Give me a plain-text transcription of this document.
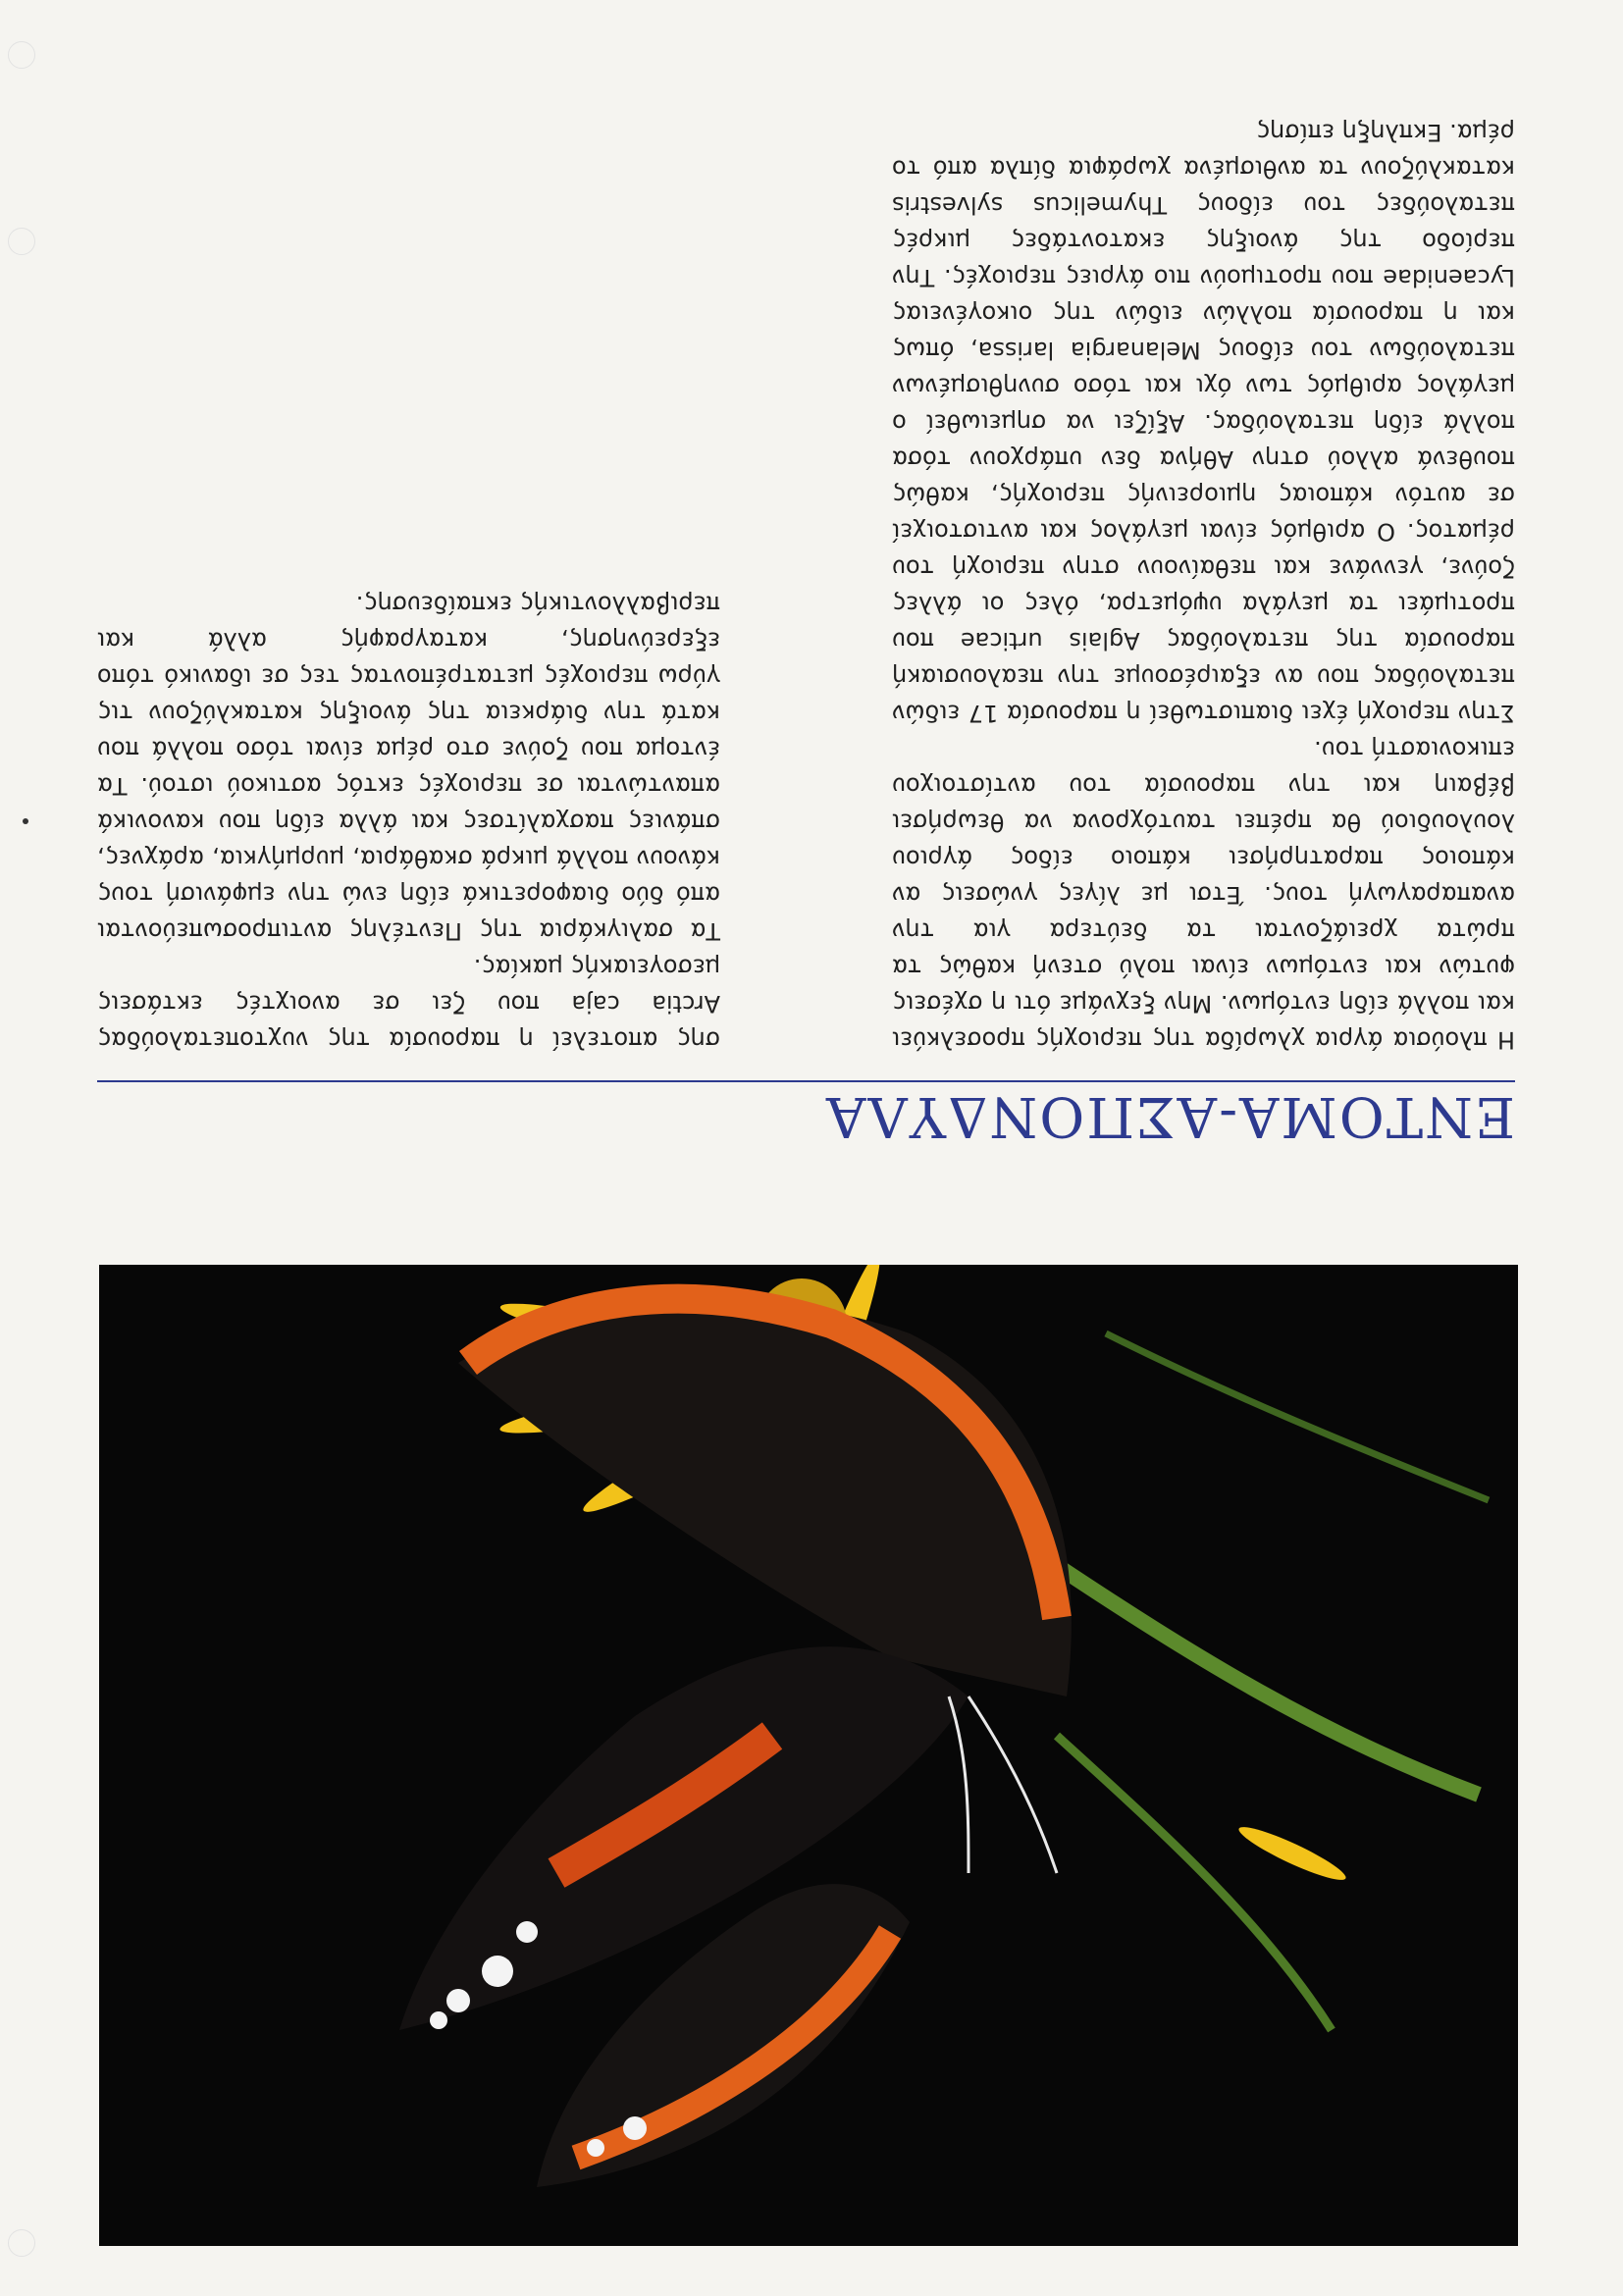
ΕΝΤΟΜΑ-ΑΣΠΟΝΔΥΛΑ

Η πλούσια άγρια χλωρίδα της περιοχής προσελκύει και πολλά είδη εντόμων. Μην ξεχνάμε ότι η σχέσεις φυτών και εντόμων είναι πολύ στενή καθώς τα πρώτα χρειάζονται τα δεύτερα για την αναπαραγωγή τους. Έτσι με λίγες γνώσεις αν κάποιος παρατηρήσει κάποιο είδος άγριου λουλουδιού θα πρέπει ταυτόχρονα να θεωρήσει βέβαιη και την παρουσία του αντίστοιχου επικονιαστή του.

Στην περιοχή έχει διαπιστωθεί η παρουσία 17 ειδών πεταλούδας που αν εξαιρέσουμε την πεαλουσιακή παρουσία της πεταλούδας Aglais urticae που προτιμάει τα μεγάλα υψόμετρα, όλες οι άλλες ζούνε, γεννάνε και πεθαίνουν στην περιοχή του ρέματος. Ο αριθμός είναι μεγάλος και αντιστοιχεί σε αυτόν κάποιας ημιορεινής περιοχής, καθώς πουθενά αλλού στην Αθήνα δεν υπάρχουν τόσα πολλά είδη πεταλούδας. Αξίζει να σημειωθεί ο μεγάλος αριθμός των όχι και τόσο συνηθισμένων πεταλούδων του είδους Melanargia larissa, όπως και η παρουσία πολλών ειδών της οικογένειας Lycaenidae που προτιμούν πιο άγριες περιοχές. Την περίοδο της άνοιξης εκατοντάδες μικρές πεταλούδες του είδους Thymelicus sylvestris κατακλύζουν τα ανθισμένα χωράφια δίπλα από το ρέμα. Εκπληξη επίσης

σης αποτελεί η παρουσία της νυχτοπεταλούδας Arctia caja που ζει σε ανοιχτές εκτάσεις μεσογειακής μακίας.

Τα σαλιγκάρια της Πεντέλης αντιπροσωπεύονται από δύο διαφορετικά είδη ενώ την εμφάνισή τους κάνουν πολλά μικρά σκαθάρια, μυρμήγκια, αράχνες, σπάνιες πασχαλίτσες και άλλα είδη που κανονικά απαντώνται σε περιοχές εκτός αστικού ιστού. Τα έντομα που ζούνε στο ρέμα είναι τόσο πολλά που κατά την διάρκεια της άνοιξης κατακλύζουν τις γύρω περιοχές μετατρέποντας τες σε ιδανικό τόπο εξερεύνησης, καταγραφής αλλά και περιβαλλοντικής εκπαίδευσης.
